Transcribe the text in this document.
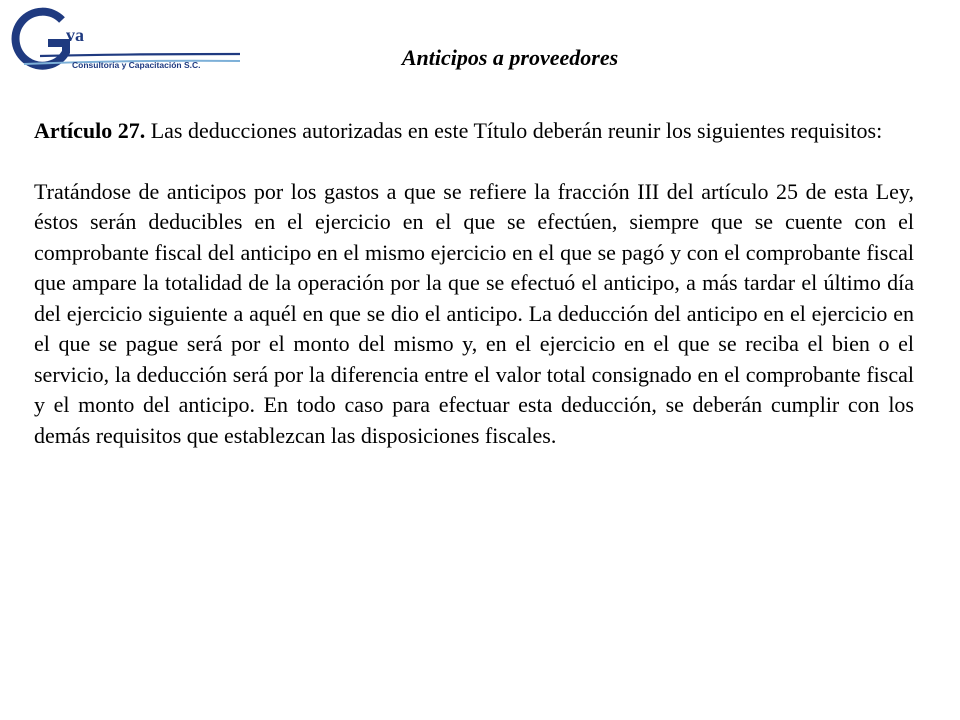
va
Consultoría y Capacitación S.C.	Anticipos a proveedores

Artículo 27. Las deducciones autorizadas en este Título deberán reunir los siguientes requisitos:

Tratándose de anticipos por los gastos a que se refiere la fracción III del artículo 25 de esta Ley, éstos serán deducibles en el ejercicio en el que se efectúen, siempre que se cuente con el comprobante fiscal del anticipo en el mismo ejercicio en el que se pagó y con el comprobante fiscal que ampare la totalidad de la operación por la que se efectuó el anticipo, a más tardar el último día del ejercicio siguiente a aquél en que se dio el anticipo. La deducción del anticipo en el ejercicio en el que se pague será por el monto del mismo y, en el ejercicio en el que se reciba el bien o el servicio, la deducción será por la diferencia entre el valor total consignado en el comprobante fiscal y el monto del anticipo. En todo caso para efectuar esta deducción, se deberán cumplir con los demás requisitos que establezcan las disposiciones fiscales.
